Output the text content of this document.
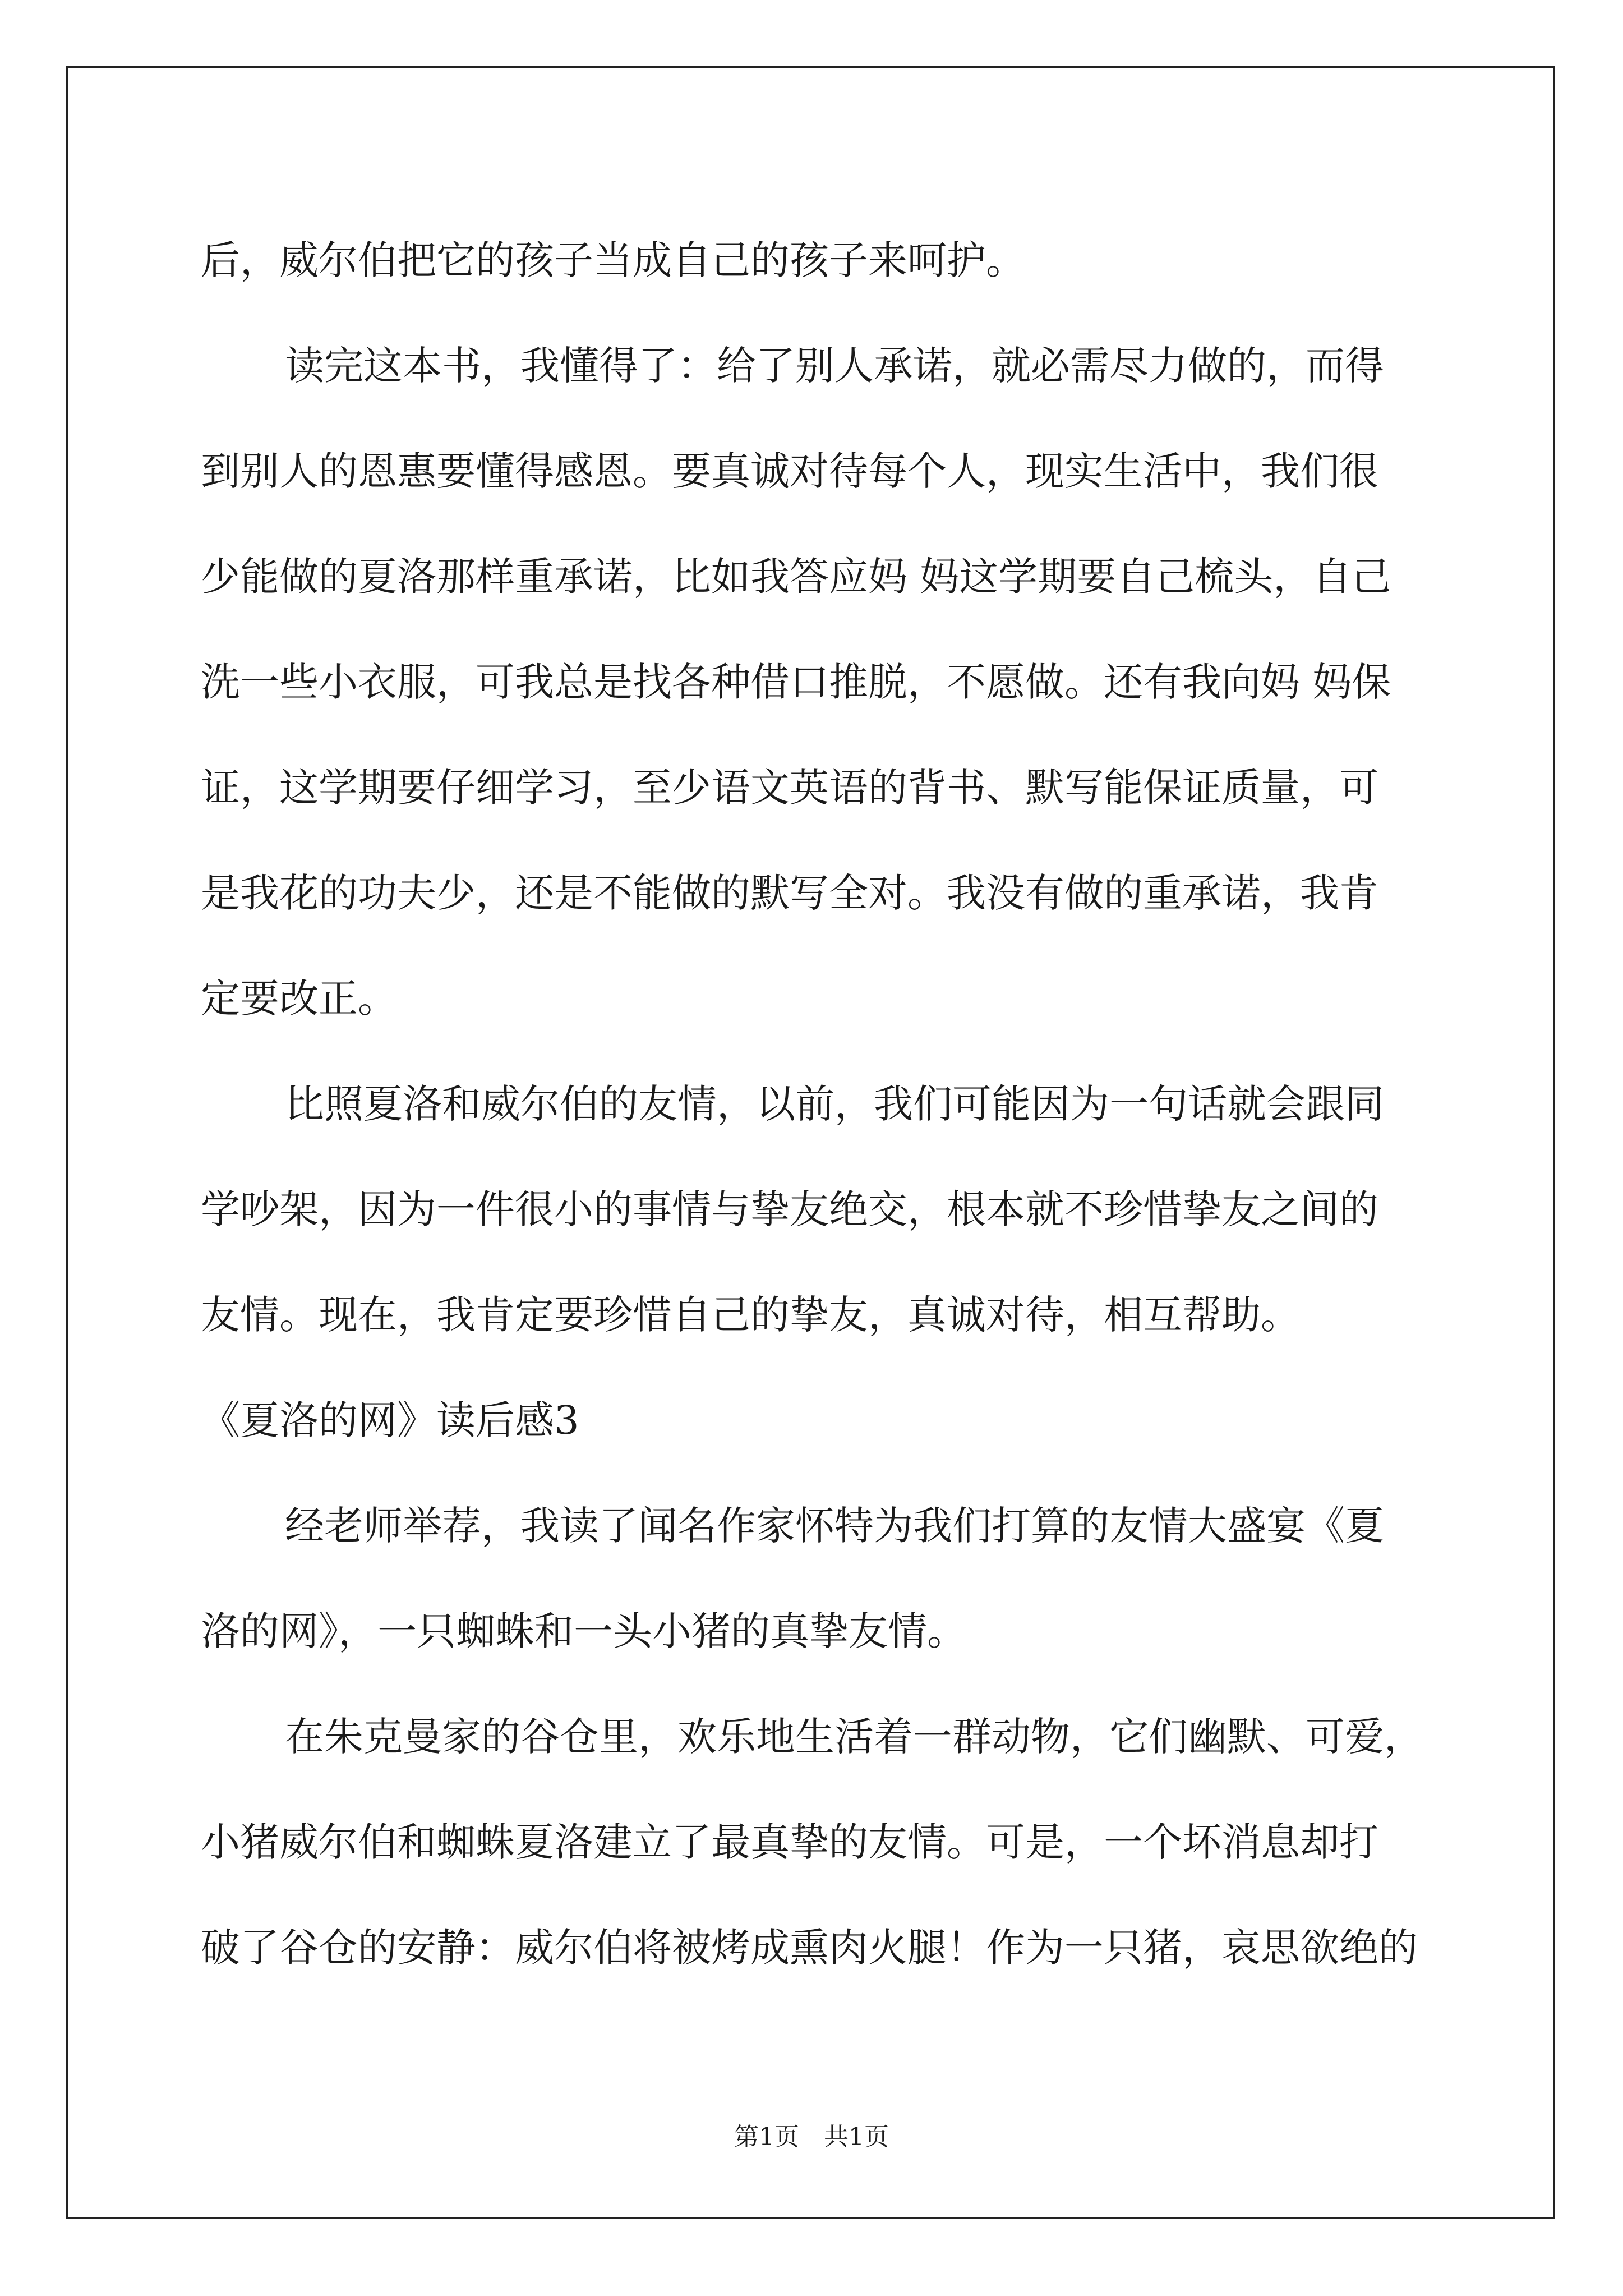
后，威尔伯把它的孩子当成自己的孩子来呵护。
读完这本书，我懂得了：给了别人承诺，就必需尽力做的，而得
到别人的恩惠要懂得感恩。要真诚对待每个人，现实生活中，我们很
少能做的夏洛那样重承诺，比如我答应妈 妈这学期要自己梳头，自己
洗一些小衣服，可我总是找各种借口推脱，不愿做。还有我向妈 妈保
证，这学期要仔细学习，至少语文英语的背书、默写能保证质量，可
是我花的功夫少，还是不能做的默写全对。我没有做的重承诺，我肯
定要改正。
比照夏洛和威尔伯的友情，以前，我们可能因为一句话就会跟同
学吵架，因为一件很小的事情与挚友绝交，根本就不珍惜挚友之间的
友情。现在，我肯定要珍惜自己的挚友，真诚对待，相互帮助。
《夏洛的网》读后感3
经老师举荐，我读了闻名作家怀特为我们打算的友情大盛宴《夏
洛的网》，一只蜘蛛和一头小猪的真挚友情。
在朱克曼家的谷仓里，欢乐地生活着一群动物，它们幽默、可爱，
小猪威尔伯和蜘蛛夏洛建立了最真挚的友情。可是，一个坏消息却打
破了谷仓的安静：威尔伯将被烤成熏肉火腿！作为一只猪，哀思欲绝的
第1页　共1页
